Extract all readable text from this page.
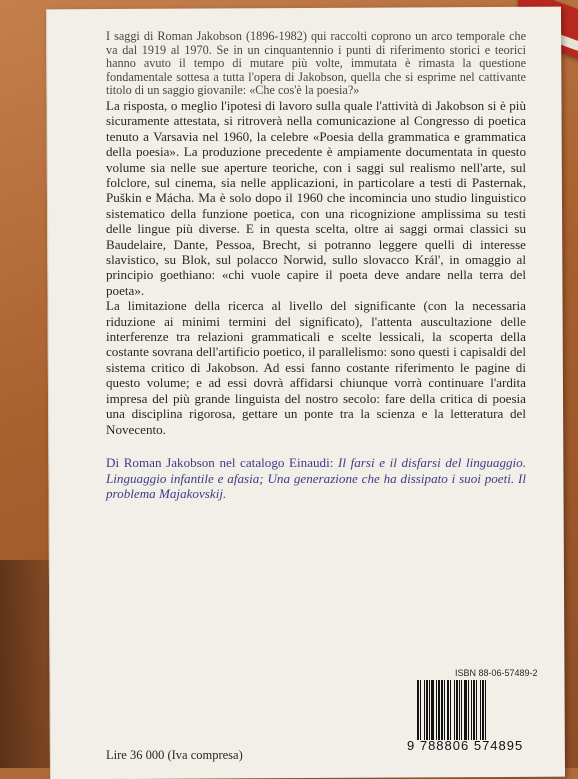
I saggi di Roman Jakobson (1896-1982) qui raccolti coprono un arco temporale che va dal 1919 al 1970. Se in un cinquantennio i punti di riferimento storici e teorici hanno avuto il tempo di mutare più volte, immutata è rimasta la questione fondamentale sottesa a tutta l'opera di Jakobson, quella che si esprime nel cattivante titolo di un saggio giovanile: «Che cos'è la poesia?»

La risposta, o meglio l'ipotesi di lavoro sulla quale l'attività di Jakobson si è più sicuramente attestata, si ritroverà nella comunicazione al Congresso di poetica tenuto a Varsavia nel 1960, la celebre «Poesia della grammatica e grammatica della poesia». La produzione precedente è ampiamente documentata in questo volume sia nelle sue aperture teoriche, con i saggi sul realismo nell'arte, sul folclore, sul cinema, sia nelle applicazioni, in particolare a testi di Pasternak, Puškin e Mácha. Ma è solo dopo il 1960 che incomincia uno studio linguistico sistematico della funzione poetica, con una ricognizione amplissima su testi delle lingue più diverse. E in questa scelta, oltre ai saggi ormai classici su Baudelaire, Dante, Pessoa, Brecht, si potranno leggere quelli di interesse slavistico, su Blok, sul polacco Norwid, sullo slovacco Král', in omaggio al principio goethiano: «chi vuole capire il poeta deve andare nella terra del poeta».

La limitazione della ricerca al livello del significante (con la necessaria riduzione ai minimi termini del significato), l'attenta auscultazione delle interferenze tra relazioni grammaticali e scelte lessicali, la scoperta della costante sovrana dell'artificio poetico, il parallelismo: sono questi i capisaldi del sistema critico di Jakobson. Ad essi fanno costante riferimento le pagine di questo volume; e ad essi dovrà affidarsi chiunque vorrà continuare l'ardita impresa del più grande linguista del nostro secolo: fare della critica di poesia una disciplina rigorosa, gettare un ponte tra la scienza e la letteratura del Novecento.

Di Roman Jakobson nel catalogo Einaudi: Il farsi e il disfarsi del linguaggio. Linguaggio infantile e afasia; Una generazione che ha dissipato i suoi poeti. Il problema Majakovskij.
ISBN 88-06-57489-2
9 788806 574895
Lire 36 000 (Iva compresa)
